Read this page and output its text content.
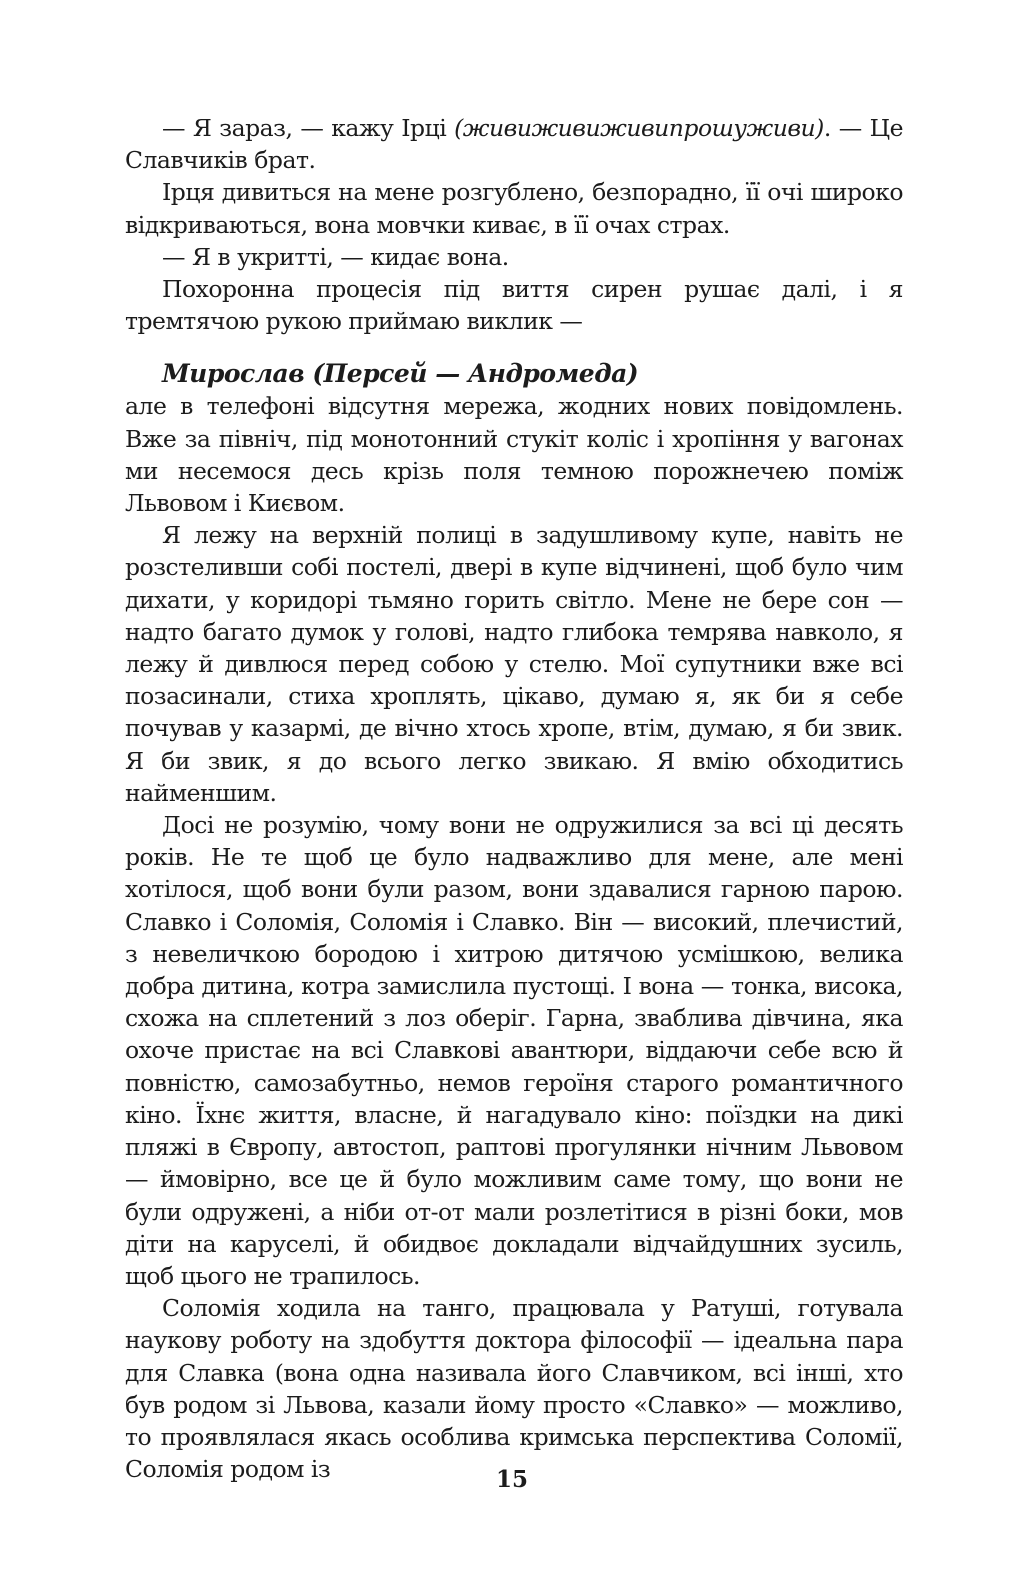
— Я зараз, — кажу Ірці (живиживиживипрошуживи). — Це Славчиків брат.

Ірця дивиться на мене розгублено, безпорадно, її очі широко відкриваються, вона мовчки киває, в її очах страх.

— Я в укритті, — кидає вона.

Похоронна процесія під виття сирен рушає далі, і я тремтячою рукою приймаю виклик —

Мирослав (Персей — Андромеда)

але в телефоні відсутня мережа, жодних нових повідомлень. Вже за північ, під монотонний стукіт коліс і хропіння у вагонах ми несемося десь крізь поля темною порожнечею поміж Львовом і Києвом.

Я лежу на верхній полиці в задушливому купе, навіть не розстеливши собі постелі, двері в купе відчинені, щоб було чим дихати, у коридорі тьмяно горить світло. Мене не бере сон — надто багато думок у голові, надто глибока темрява навколо, я лежу й дивлюся перед собою у стелю. Мої супутники вже всі позасинали, стиха хроплять, цікаво, думаю я, як би я себе почував у казармі, де вічно хтось хропе, втім, думаю, я би звик. Я би звик, я до всього легко звикаю. Я вмію обходитись найменшим.

Досі не розумію, чому вони не одружилися за всі ці десять років. Не те щоб це було надважливо для мене, але мені хотілося, щоб вони були разом, вони здавалися гарною парою. Славко і Соломія, Соломія і Славко. Він — високий, плечистий, з невеличкою бородою і хитрою дитячою усмішкою, велика добра дитина, котра замислила пустощі. І вона — тонка, висока, схожа на сплетений з лоз оберіг. Гарна, зваблива дівчина, яка охоче пристає на всі Славкові авантюри, віддаючи себе всю й повністю, самозабутньо, немов героїня старого романтичного кіно. Їхнє життя, власне, й нагадувало кіно: поїздки на дикі пляжі в Європу, автостоп, раптові прогулянки нічним Львовом — ймовірно, все це й було можливим саме тому, що вони не були одружені, а ніби от-от мали розлетітися в різні боки, мов діти на каруселі, й обидвоє докладали відчайдушних зусиль, щоб цього не трапилось.

Соломія ходила на танго, працювала у Ратуші, готувала наукову роботу на здобуття доктора філософії — ідеальна пара для Славка (вона одна називала його Славчиком, всі інші, хто був родом зі Львова, казали йому просто «Славко» — можливо, то проявлялася якась особлива кримська перспектива Соломії, Соломія родом із	15
